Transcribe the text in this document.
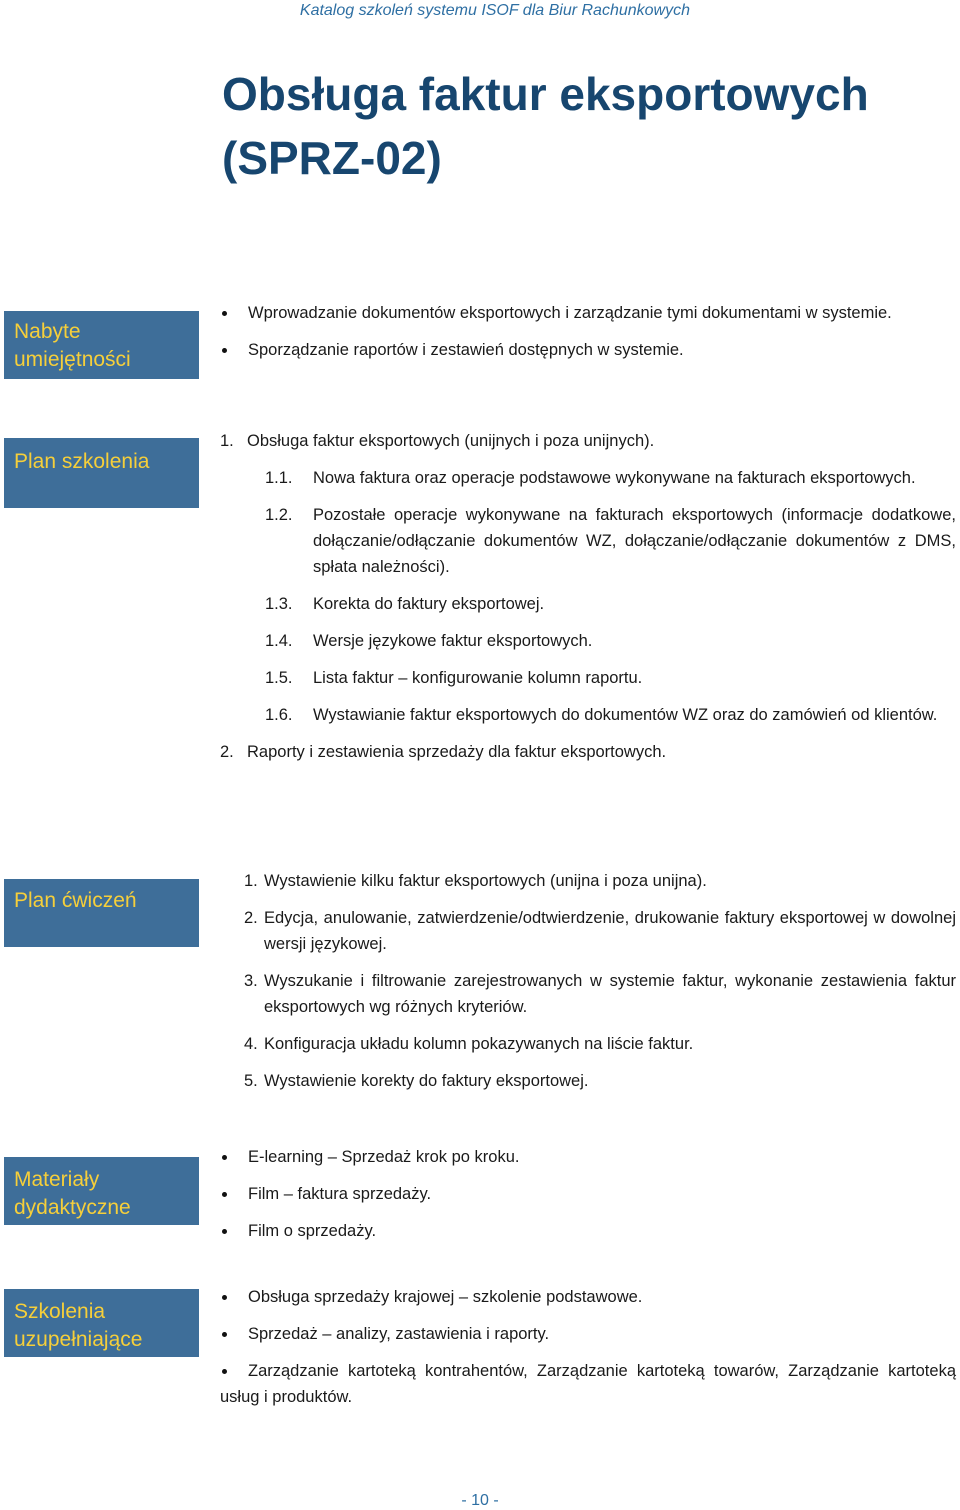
Katalog szkoleń systemu ISOF dla Biur Rachunkowych
Obsługa faktur eksportowych (SPRZ-02)
Nabyte
umiejętności
Wprowadzanie dokumentów eksportowych i zarządzanie tymi dokumentami w systemie.
Sporządzanie raportów i zestawień dostępnych w systemie.
Plan szkolenia
1. Obsługa faktur eksportowych (unijnych i poza unijnych).
1.1.	Nowa faktura oraz operacje podstawowe wykonywane na fakturach eksportowych.
1.2.	Pozostałe operacje wykonywane na fakturach eksportowych (informacje dodatkowe, dołączanie/odłączanie dokumentów WZ, dołączanie/odłączanie dokumentów z DMS, spłata należności).
1.3.	Korekta do faktury eksportowej.
1.4.	Wersje językowe faktur eksportowych.
1.5.	Lista faktur – konfigurowanie kolumn raportu.
1.6.	Wystawianie faktur eksportowych do dokumentów WZ oraz do zamówień od klientów.
2. Raporty i zestawienia sprzedaży dla faktur eksportowych.
Plan ćwiczeń
1. Wystawienie kilku faktur eksportowych (unijna i poza unijna).
2. Edycja, anulowanie, zatwierdzenie/odtwierdzenie, drukowanie faktury eksportowej w dowolnej wersji językowej.
3. Wyszukanie i filtrowanie zarejestrowanych w systemie faktur, wykonanie zestawienia faktur eksportowych wg różnych kryteriów.
4. Konfiguracja układu kolumn pokazywanych na liście faktur.
5. Wystawienie korekty do faktury eksportowej.
Materiały
dydaktyczne
E-learning – Sprzedaż krok po kroku.
Film – faktura sprzedaży.
Film o sprzedaży.
Szkolenia
uzupełniające
Obsługa sprzedaży krajowej – szkolenie podstawowe.
Sprzedaż – analizy, zastawienia i raporty.
Zarządzanie kartoteką kontrahentów, Zarządzanie kartoteką towarów, Zarządzanie kartoteką usług i produktów.
- 10 -
